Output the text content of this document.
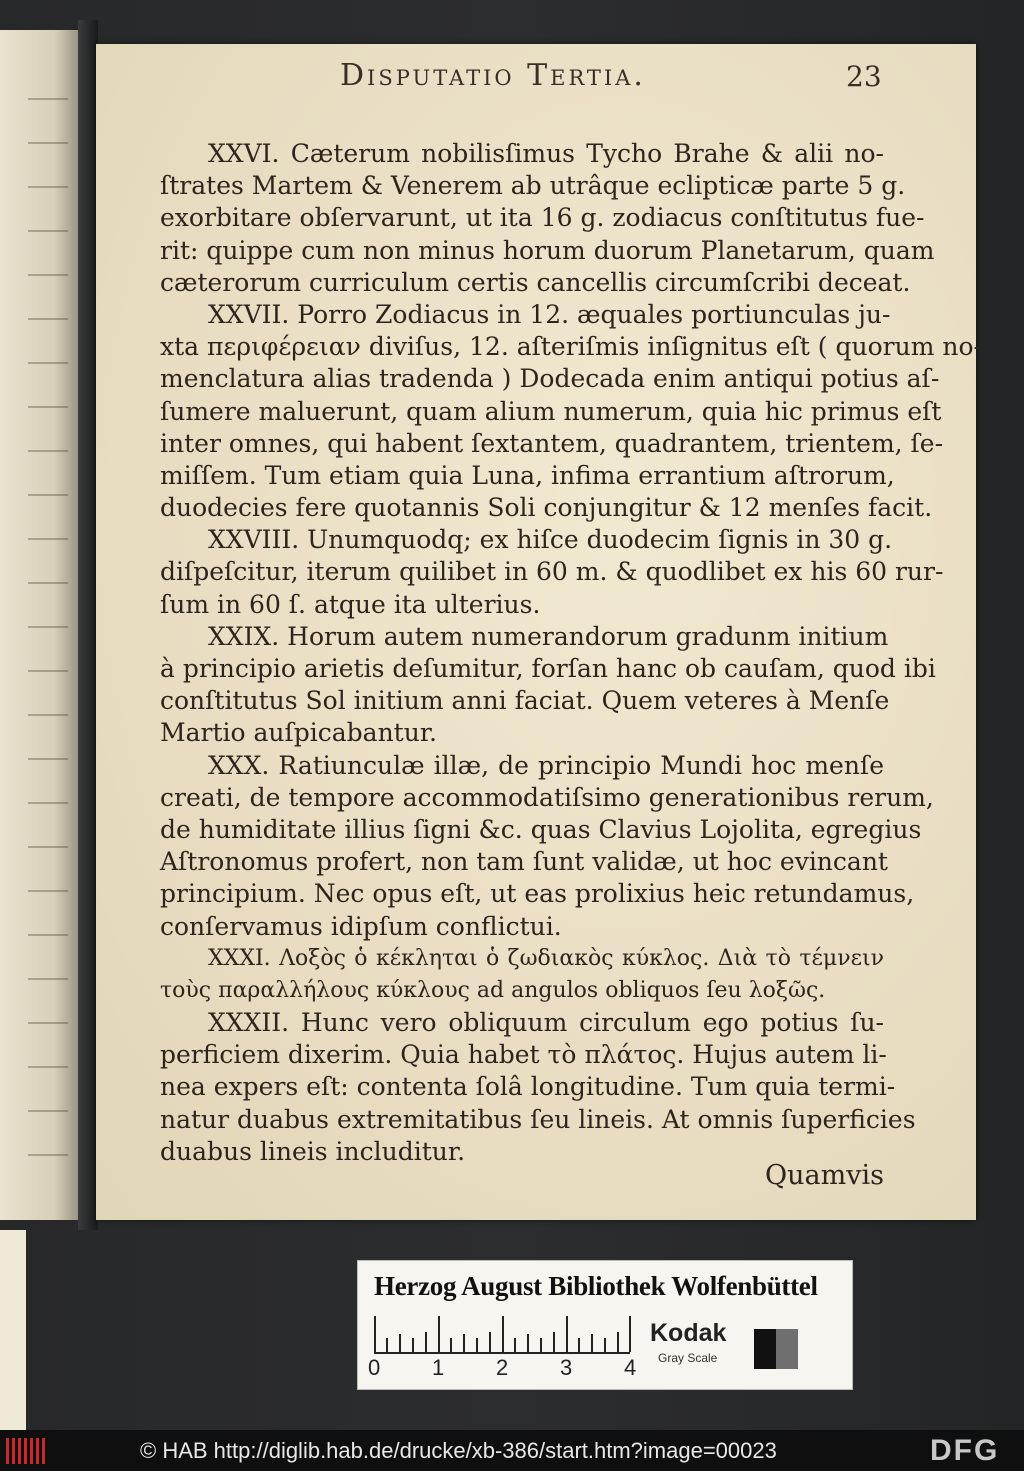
Disputatio Tertia.	23
XXVI. Cæterum nobilisſimus Tycho Brahe & alii no-
ſtrates Martem & Venerem ab utrâque eclipticæ parte 5 g.
exorbitare obſervarunt, ut ita 16 g. zodiacus conſtitutus fue-
rit: quippe cum non minus horum duorum Planetarum, quam
cæterorum curriculum certis cancellis circumſcribi deceat.
XXVII. Porro Zodiacus in 12. æquales portiunculas ju-
xta περιφέρειαν diviſus, 12. aſteriſmis inſignitus eſt ( quorum no-
menclatura alias tradenda ) Dodecada enim antiqui potius aſ-
ſumere maluerunt, quam alium numerum, quia hic primus eſt
inter omnes, qui habent ſextantem, quadrantem, trientem, ſe-
miſſem. Tum etiam quia Luna, infima errantium aſtrorum,
duodecies fere quotannis Soli conjungitur & 12 menſes facit.
XXVIII. Unumquodq; ex hiſce duodecim ſignis in 30 g.
diſpeſcitur, iterum quilibet in 60 m. & quodlibet ex his 60 rur-
ſum in 60 ſ. atque ita ulterius.
XXIX. Horum autem numerandorum gradunm initium
à principio arietis deſumitur, forſan hanc ob cauſam, quod ibi
conſtitutus Sol initium anni faciat. Quem veteres à Menſe
Martio auſpicabantur.
XXX. Ratiunculæ illæ, de principio Mundi hoc menſe
creati, de tempore accommodatiſsimo generationibus rerum,
de humiditate illius ſigni &c. quas Clavius Lojolita, egregius
Aſtronomus profert, non tam ſunt validæ, ut hoc evincant
principium. Nec opus eſt, ut eas prolixius heic retundamus,
conſervamus idipſum conflictui.
XXXI. Λοξὸς ὁ κέκληται ὁ ζωδιακὸς κύκλος. Διὰ τὸ τέμνειν
τοὺς παραλλήλους κύκλους ad angulos obliquos ſeu λοξῶς.
XXXII. Hunc vero obliquum circulum ego potius ſu-
perficiem dixerim. Quia habet τὸ πλάτος. Hujus autem li-
nea expers eſt: contenta ſolâ longitudine. Tum quia termi-
natur duabus extremitatibus ſeu lineis. At omnis ſuperficies
duabus lineis includitur.
Quamvis
Herzog August Bibliothek Wolfenbüttel
0 1 2 3 4
Kodak
Gray Scale
© HAB http://diglib.hab.de/drucke/xb-386/start.htm?image=00023	DFG
